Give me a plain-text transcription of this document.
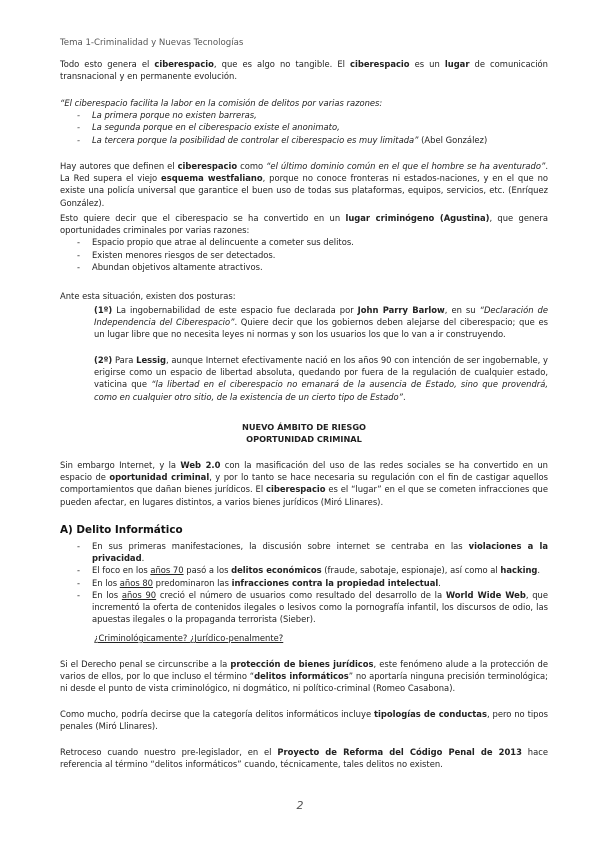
Tema 1-Criminalidad y Nuevas Tecnologías

Todo esto genera el ciberespacio, que es algo no tangible. El ciberespacio es un lugar de comunicación transnacional y en permanente evolución.

“El ciberespacio facilita la labor en la comisión de delitos por varias razones:
- La primera porque no existen barreras,
- La segunda porque en el ciberespacio existe el anonimato,
- La tercera porque la posibilidad de controlar el ciberespacio es muy limitada” (Abel González)

Hay autores que definen el ciberespacio como “el último dominio común en el que el hombre se ha aventurado”. La Red supera el viejo esquema westfaliano, porque no conoce fronteras ni estados-naciones, y en el que no existe una policía universal que garantice el buen uso de todas sus plataformas, equipos, servicios, etc. (Enríquez González).

Esto quiere decir que el ciberespacio se ha convertido en un lugar criminógeno (Agustina), que genera oportunidades criminales por varias razones:
- Espacio propio que atrae al delincuente a cometer sus delitos.
- Existen menores riesgos de ser detectados.
- Abundan objetivos altamente atractivos.

Ante esta situación, existen dos posturas:

(1º) La ingobernabilidad de este espacio fue declarada por John Parry Barlow, en su “Declaración de Independencia del Ciberespacio”. Quiere decir que los gobiernos deben alejarse del ciberespacio; que es un lugar libre que no necesita leyes ni normas y son los usuarios los que lo van a ir construyendo.

(2º) Para Lessig, aunque Internet efectivamente nació en los años 90 con intención de ser ingobernable, y erigirse como un espacio de libertad absoluta, quedando por fuera de la regulación de cualquier estado, vaticina que “la libertad en el ciberespacio no emanará de la ausencia de Estado, sino que provendrá, como en cualquier otro sitio, de la existencia de un cierto tipo de Estado”.

NUEVO ÁMBITO DE RIESGO
OPORTUNIDAD CRIMINAL

Sin embargo Internet, y la Web 2.0 con la masificación del uso de las redes sociales se ha convertido en un espacio de oportunidad criminal, y por lo tanto se hace necesaria su regulación con el fin de castigar aquellos comportamientos que dañan bienes jurídicos. El ciberespacio es el “lugar” en el que se cometen infracciones que pueden afectar, en lugares distintos, a varios bienes jurídicos (Miró Llinares).

A) Delito Informático
- En sus primeras manifestaciones, la discusión sobre internet se centraba en las violaciones a la privacidad.
- El foco en los años 70 pasó a los delitos económicos (fraude, sabotaje, espionaje), así como al hacking.
- En los años 80 predominaron las infracciones contra la propiedad intelectual.
- En los años 90 creció el número de usuarios como resultado del desarrollo de la World Wide Web, que incrementó la oferta de contenidos ilegales o lesivos como la pornografía infantil, los discursos de odio, las apuestas ilegales o la propaganda terrorista (Sieber).
¿Criminológicamente? ¿Jurídico-penalmente?

Si el Derecho penal se circunscribe a la protección de bienes jurídicos, este fenómeno alude a la protección de varios de ellos, por lo que incluso el término “delitos informáticos” no aportaría ninguna precisión terminológica; ni desde el punto de vista criminológico, ni dogmático, ni político-criminal (Romeo Casabona).

Como mucho, podría decirse que la categoría delitos informáticos incluye tipologías de conductas, pero no tipos penales (Miró Llinares).

Retroceso cuando nuestro pre-legislador, en el Proyecto de Reforma del Código Penal de 2013 hace referencia al término “delitos informáticos” cuando, técnicamente, tales delitos no existen.

2
